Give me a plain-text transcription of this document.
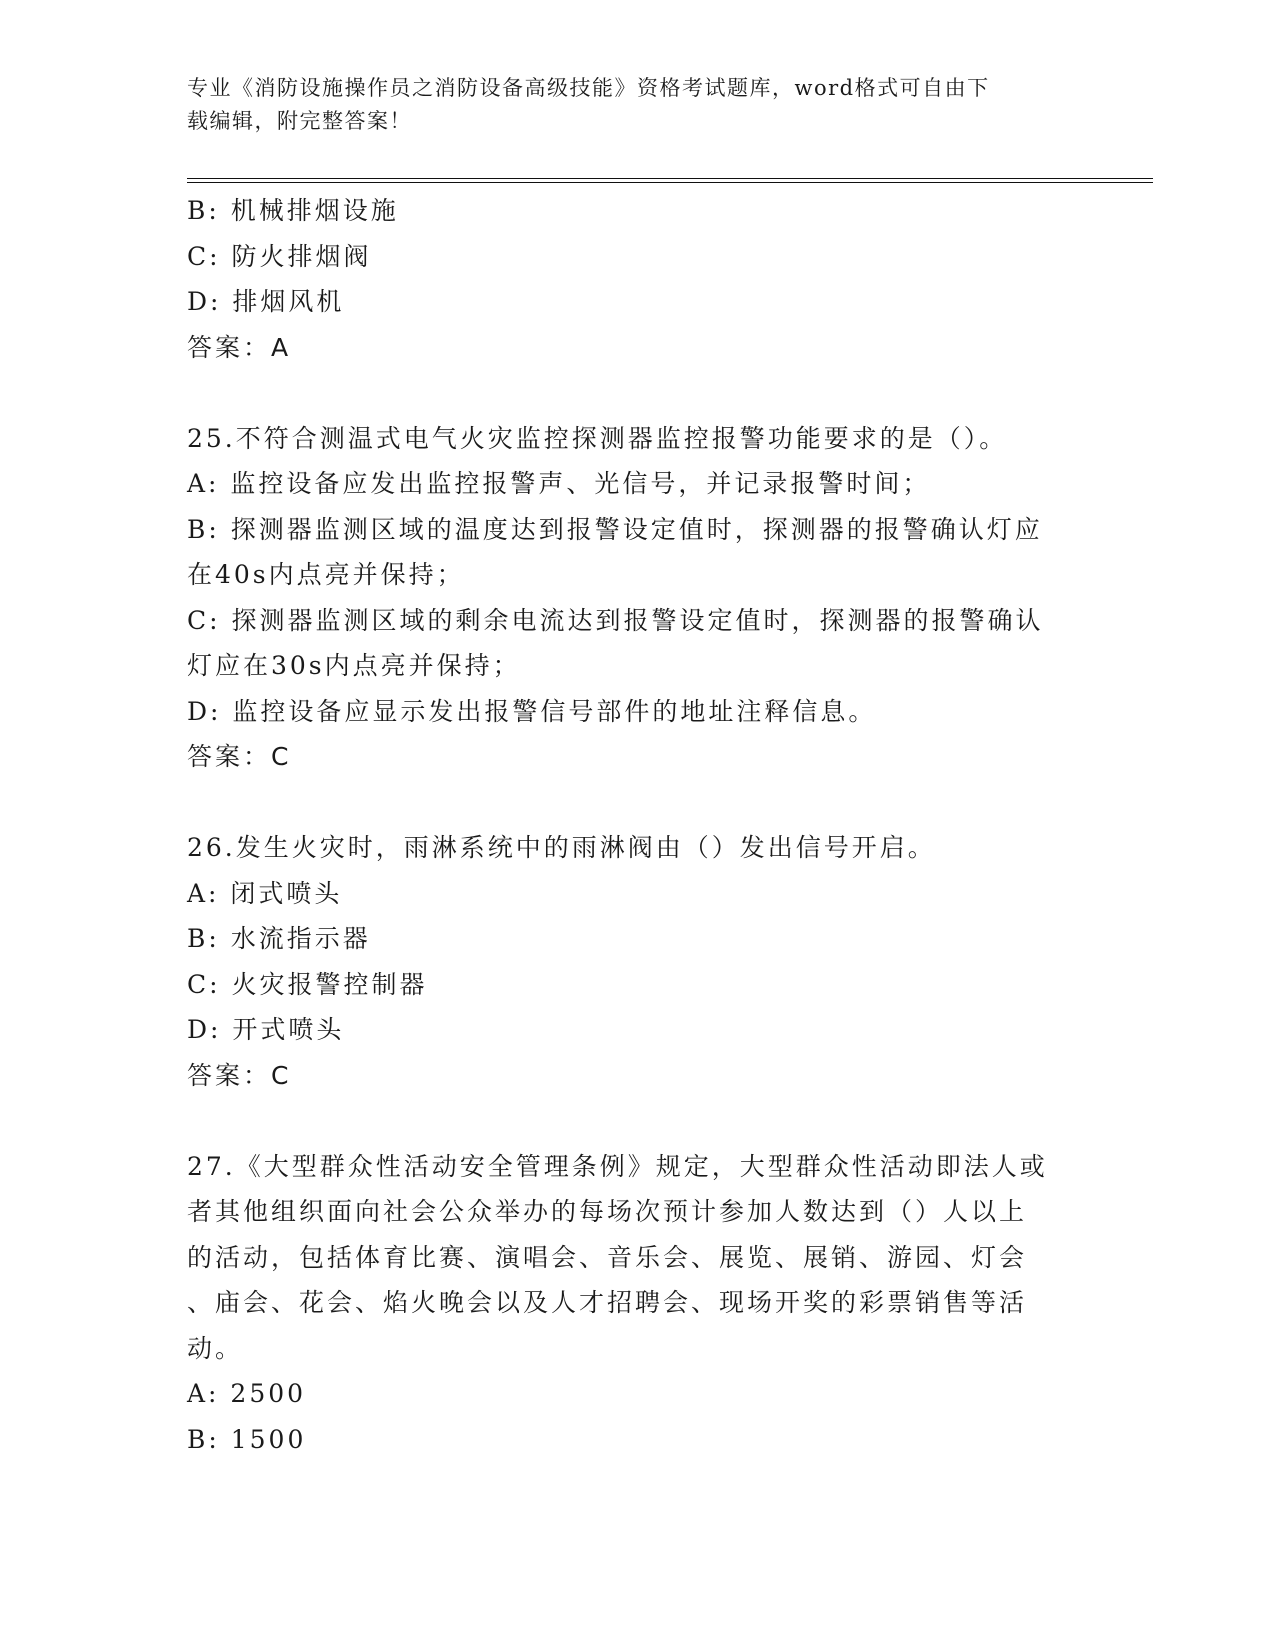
专业《消防设施操作员之消防设备高级技能》资格考试题库，word格式可自由下
载编辑，附完整答案！
B: 机械排烟设施
C: 防火排烟阀
D: 排烟风机
答案：A
25.不符合测温式电气火灾监控探测器监控报警功能要求的是（）。
A: 监控设备应发出监控报警声、光信号，并记录报警时间；
B: 探测器监测区域的温度达到报警设定值时，探测器的报警确认灯应
在40s内点亮并保持；
C: 探测器监测区域的剩余电流达到报警设定值时，探测器的报警确认
灯应在30s内点亮并保持；
D: 监控设备应显示发出报警信号部件的地址注释信息。
答案：C
26.发生火灾时，雨淋系统中的雨淋阀由（）发出信号开启。
A: 闭式喷头
B: 水流指示器
C: 火灾报警控制器
D: 开式喷头
答案：C
27.《大型群众性活动安全管理条例》规定，大型群众性活动即法人或
者其他组织面向社会公众举办的每场次预计参加人数达到（）人以上
的活动，包括体育比赛、演唱会、音乐会、展览、展销、游园、灯会
、庙会、花会、焰火晚会以及人才招聘会、现场开奖的彩票销售等活
动。
A: 2500
B: 1500
